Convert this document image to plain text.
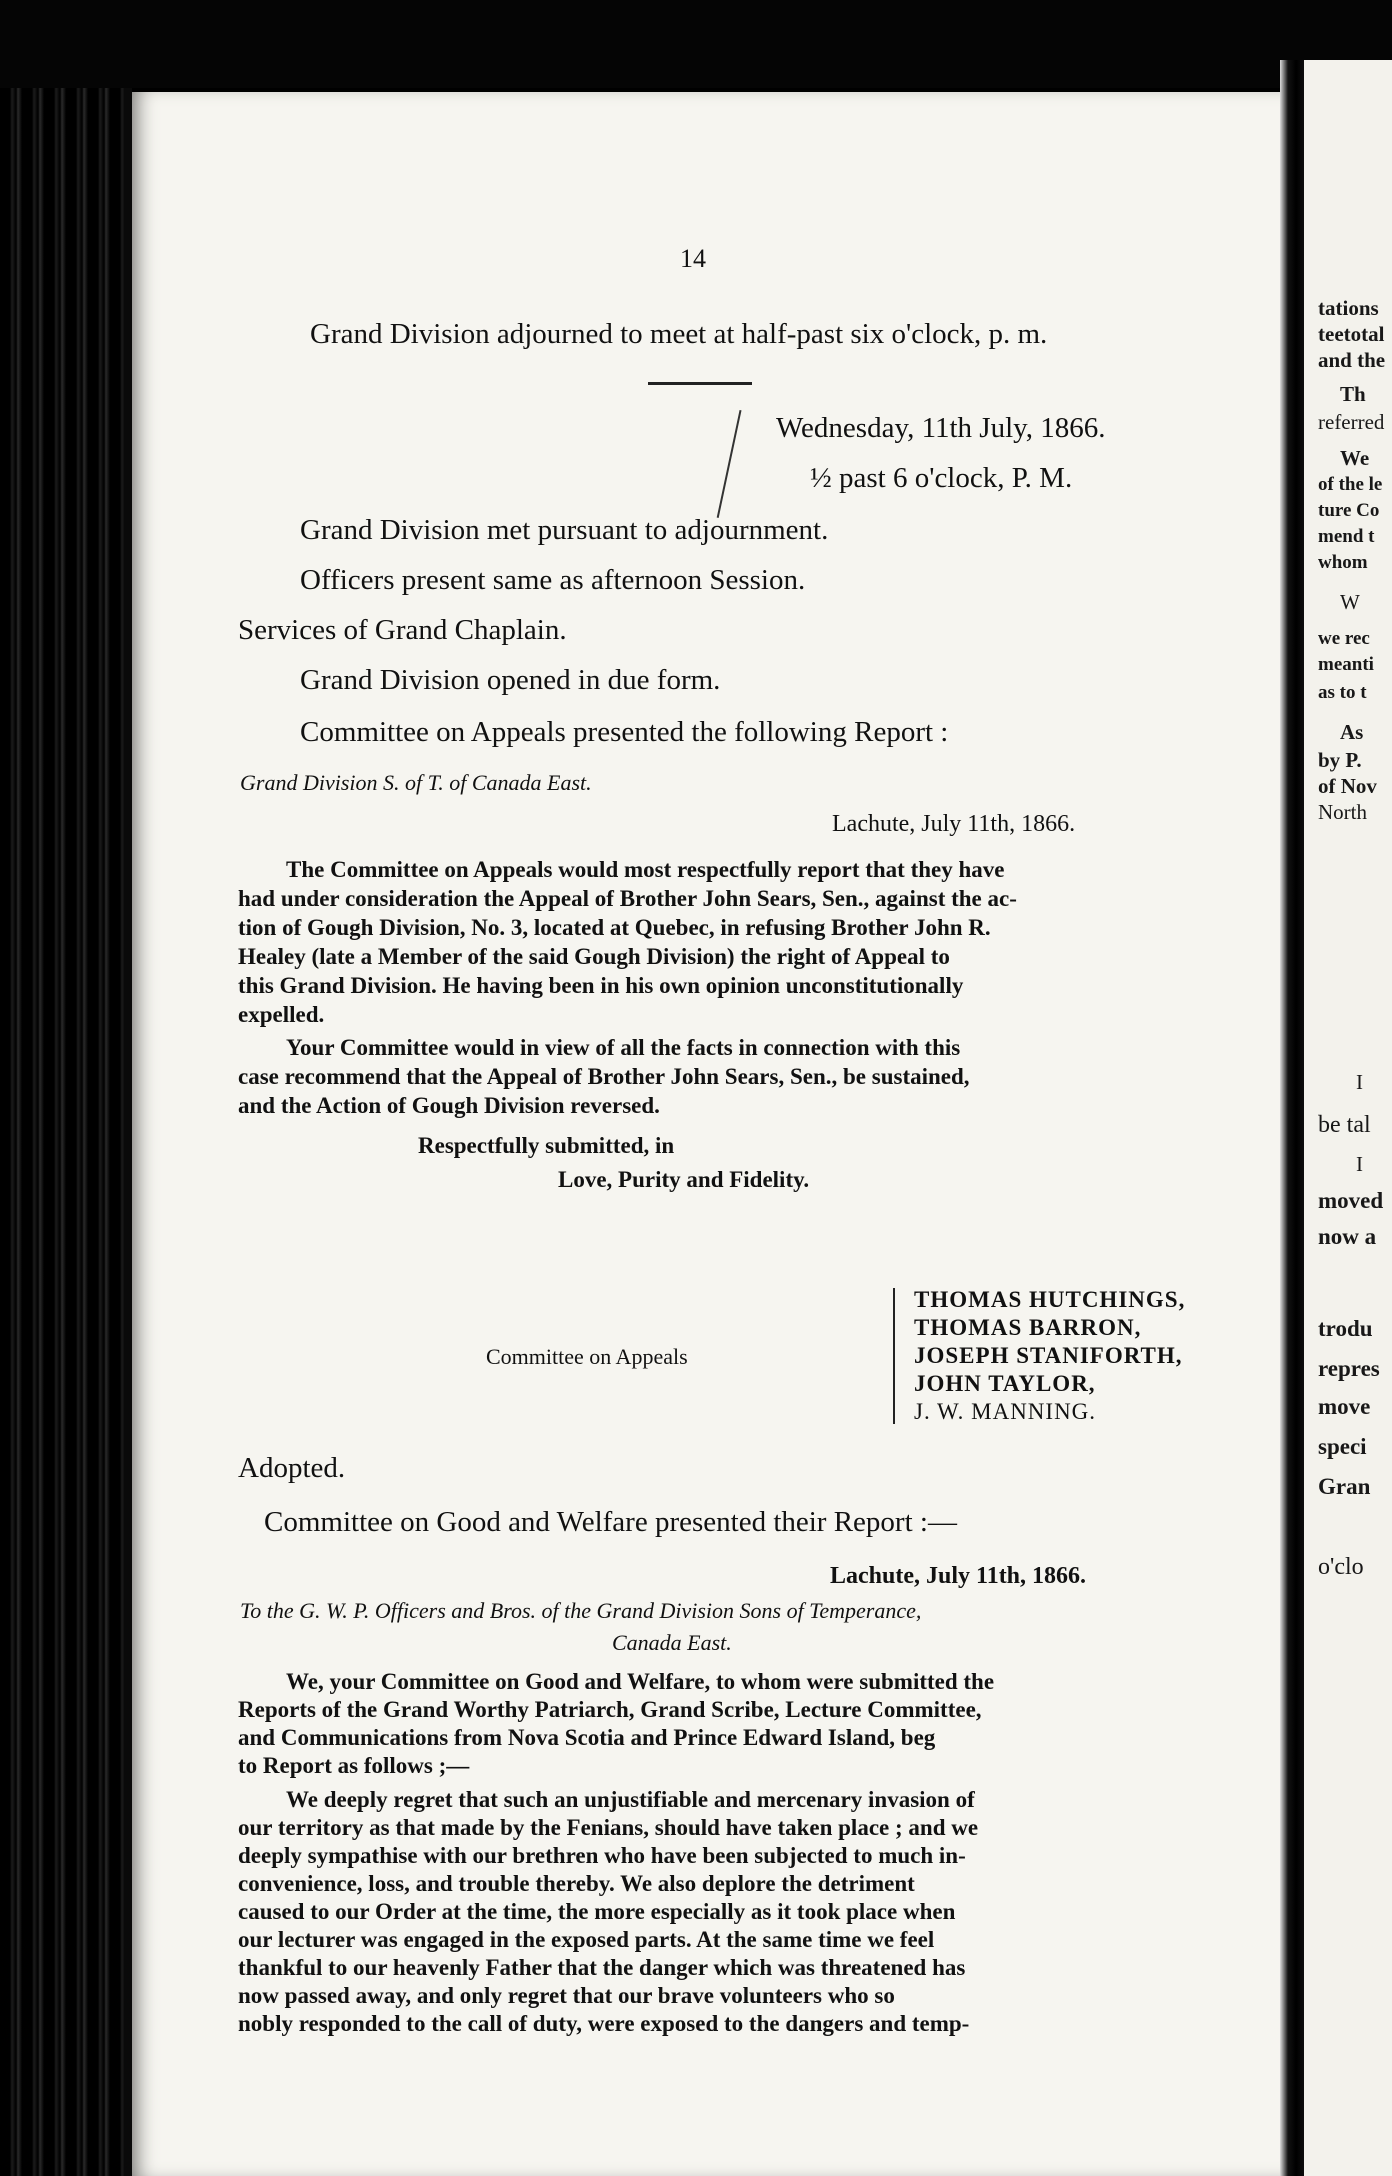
14
Grand Division adjourned to meet at half-past six o'clock, p. m.
Wednesday, 11th July, 1866.
½ past 6 o'clock, P. M.
Grand Division met pursuant to adjournment.
Officers present same as afternoon Session.
Services of Grand Chaplain.
Grand Division opened in due form.
Committee on Appeals presented the following Report :
Grand Division S. of T. of Canada East.
Lachute, July 11th, 1866.
The Committee on Appeals would most respectfully report that they have
had under consideration the Appeal of Brother John Sears, Sen., against the ac-
tion of Gough Division, No. 3, located at Quebec, in refusing Brother John R.
Healey (late a Member of the said Gough Division) the right of Appeal to
this Grand Division. He having been in his own opinion unconstitutionally
expelled.
Your Committee would in view of all the facts in connection with this
case recommend that the Appeal of Brother John Sears, Sen., be sustained,
and the Action of Gough Division reversed.
Respectfully submitted, in
Love, Purity and Fidelity.
Committee on Appeals
THOMAS HUTCHINGS,
THOMAS BARRON,
JOSEPH STANIFORTH,
JOHN TAYLOR,
J. W. MANNING.
Adopted.
Committee on Good and Welfare presented their Report :—
Lachute, July 11th, 1866.
To the G. W. P. Officers and Bros. of the Grand Division Sons of Temperance,
Canada East.
We, your Committee on Good and Welfare, to whom were submitted the
Reports of the Grand Worthy Patriarch, Grand Scribe, Lecture Committee,
and Communications from Nova Scotia and Prince Edward Island, beg
to Report as follows ;—
We deeply regret that such an unjustifiable and mercenary invasion of
our territory as that made by the Fenians, should have taken place ; and we
deeply sympathise with our brethren who have been subjected to much in-
convenience, loss, and trouble thereby. We also deplore the detriment
caused to our Order at the time, the more especially as it took place when
our lecturer was engaged in the exposed parts. At the same time we feel
thankful to our heavenly Father that the danger which was threatened has
now passed away, and only regret that our brave volunteers who so
nobly responded to the call of duty, were exposed to the dangers and temp-
tations
teetotal
and the
Th
referred
We
of the le
ture Co
mend t
whom
W
we rec
meanti
as to t
As
by P.
of Nov
North
I
be tal
I
moved
now a
trodu
repres
move
speci
Gran
o'clo
